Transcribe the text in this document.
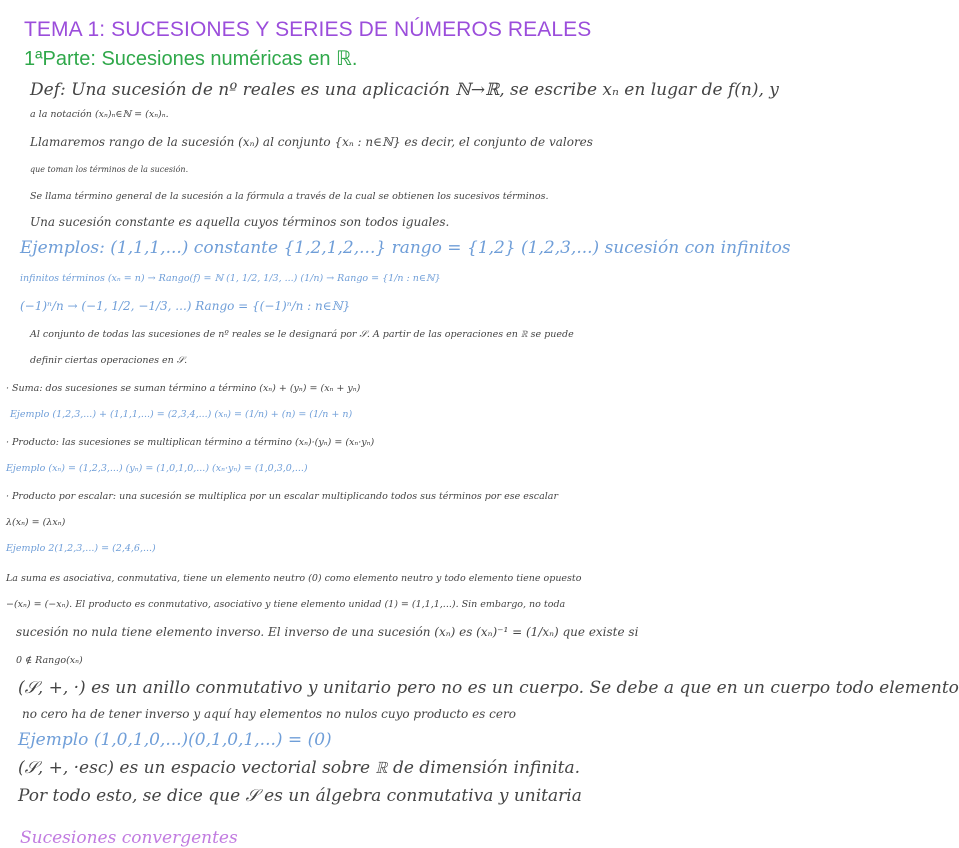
TEMA 1: SUCESIONES Y SERIES DE NÚMEROS REALES
1ªParte: Sucesiones numéricas en ℝ.
Def: Una sucesión de nº reales es una aplicación ℕ→ℝ, se escribe xₙ en lugar de f(n), y
a la notación (xₙ)ₙ∈ℕ = (xₙ)ₙ.
Llamaremos rango de la sucesión (xₙ) al conjunto {xₙ : n∈ℕ} es decir, el conjunto de valores
que toman los términos de la sucesión.
Se llama término general de la sucesión a la fórmula a través de la cual se obtienen los sucesivos términos.
Una sucesión constante es aquella cuyos términos son todos iguales.
Ejemplos: (1,1,1,...) constante {1,2,1,2,...} rango = {1,2} (1,2,3,...) sucesión con infinitos
infinitos términos (xₙ = n) → Rango(f) = ℕ (1, 1/2, 1/3, ...) (1/n) → Rango = {1/n : n∈ℕ}
(−1)ⁿ/n → (−1, 1/2, −1/3, ...) Rango = {(−1)ⁿ/n : n∈ℕ}
Al conjunto de todas las sucesiones de nº reales se le designará por 𝒮. A partir de las operaciones en ℝ se puede
definir ciertas operaciones en 𝒮.
· Suma: dos sucesiones se suman término a término (xₙ) + (yₙ) = (xₙ + yₙ)
Ejemplo (1,2,3,...) + (1,1,1,...) = (2,3,4,...) (xₙ) = (1/n) + (n) = (1/n + n)
· Producto: las sucesiones se multiplican término a término (xₙ)·(yₙ) = (xₙ·yₙ)
Ejemplo (xₙ) = (1,2,3,...) (yₙ) = (1,0,1,0,...) (xₙ·yₙ) = (1,0,3,0,...)
· Producto por escalar: una sucesión se multiplica por un escalar multiplicando todos sus términos por ese escalar
λ(xₙ) = (λxₙ)
Ejemplo 2(1,2,3,...) = (2,4,6,...)
La suma es asociativa, conmutativa, tiene un elemento neutro (0) como elemento neutro y todo elemento tiene opuesto
−(xₙ) = (−xₙ). El producto es conmutativo, asociativo y tiene elemento unidad (1) = (1,1,1,...). Sin embargo, no toda
sucesión no nula tiene elemento inverso. El inverso de una sucesión (xₙ) es (xₙ)⁻¹ = (1/xₙ) que existe si
0 ∉ Rango(xₙ)
(𝒮, +, ·) es un anillo conmutativo y unitario pero no es un cuerpo. Se debe a que en un cuerpo todo elemento
no cero ha de tener inverso y aquí hay elementos no nulos cuyo producto es cero
Ejemplo (1,0,1,0,...)(0,1,0,1,...) = (0)
(𝒮, +, ·esc) es un espacio vectorial sobre ℝ de dimensión infinita.
Por todo esto, se dice que 𝒮 es un álgebra conmutativa y unitaria
Sucesiones convergentes
